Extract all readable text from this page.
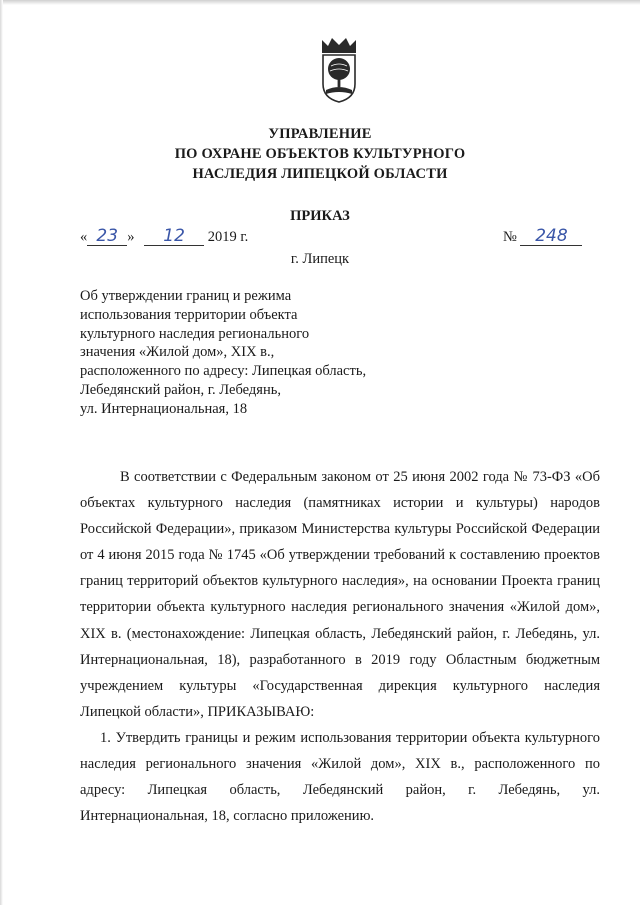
УПРАВЛЕНИЕ
ПО ОХРАНЕ ОБЪЕКТОВ КУЛЬТУРНОГО
НАСЛЕДИЯ ЛИПЕЦКОЙ ОБЛАСТИ
ПРИКАЗ
« 23 » 12 2019 г.	№ 248
г. Липецк
Об утверждении границ и режима
использования территории объекта
культурного наследия регионального
значения «Жилой дом», XIX в.,
расположенного по адресу: Липецкая область,
Лебедянский район, г. Лебедянь,
ул. Интернациональная, 18

В соответствии с Федеральным законом от 25 июня 2002 года № 73-ФЗ «Об объектах культурного наследия (памятниках истории и культуры) народов Российской Федерации», приказом Министерства культуры Российской Федерации от 4 июня 2015 года № 1745 «Об утверждении требований к составлению проектов границ территорий объектов культурного наследия», на основании Проекта границ территории объекта культурного наследия регионального значения «Жилой дом», XIX в. (местонахождение: Липецкая область, Лебедянский район, г. Лебедянь, ул. Интернациональная, 18), разработанного в 2019 году Областным бюджетным учреждением культуры «Государственная дирекция культурного наследия Липецкой области», ПРИКАЗЫВАЮ:

1. Утвердить границы и режим использования территории объекта культурного наследия регионального значения «Жилой дом», XIX в., расположенного по адресу: Липецкая область, Лебедянский район, г. Лебедянь, ул. Интернациональная, 18, согласно приложению.
